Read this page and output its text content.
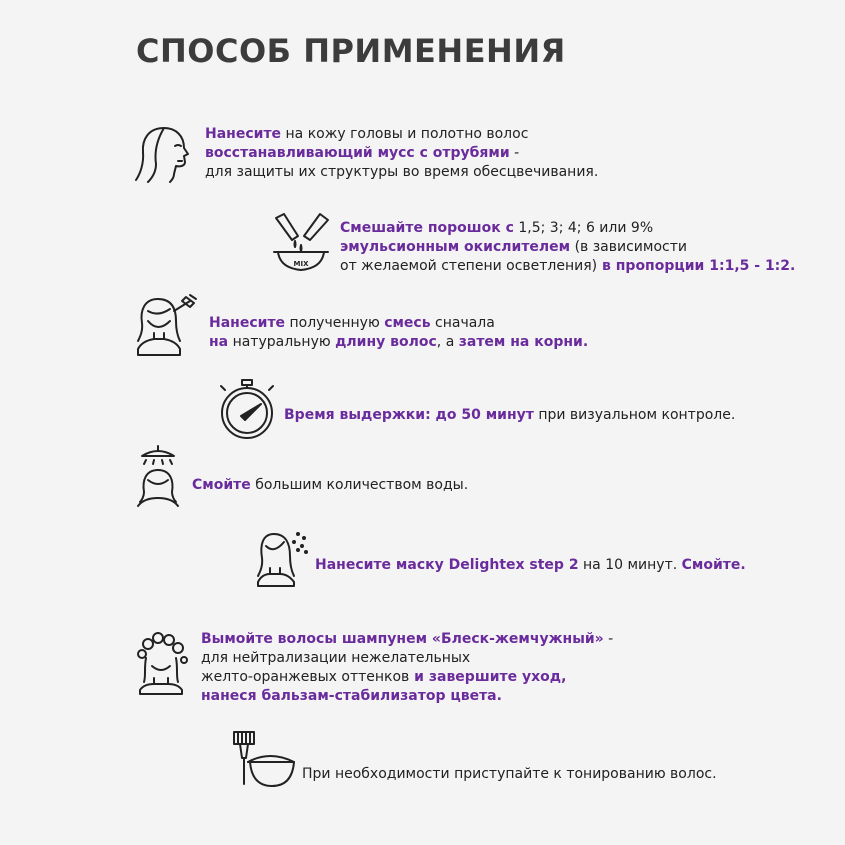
СПОСОБ ПРИМЕНЕНИЯ
Нанесите на кожу головы и полотно волос
восстанавливающий мусс с отрубями -
для защиты их структуры во время обесцвечивания.
MIX
Смешайте порошок с 1,5; 3; 4; 6 или 9%
эмульсионным окислителем (в зависимости
от желаемой степени осветления) в пропорции 1:1,5 - 1:2.
Нанесите полученную смесь сначала
на натуральную длину волос, а затем на корни.
Время выдержки: до 50 минут при визуальном контроле.
Смойте большим количеством воды.
Нанесите маску Delightex step 2 на 10 минут. Смойте.
Вымойте волосы шампунем «Блеск-жемчужный» -
для нейтрализации нежелательных
желто-оранжевых оттенков и завершите уход,
нанеся бальзам-стабилизатор цвета.
При необходимости приступайте к тонированию волос.
